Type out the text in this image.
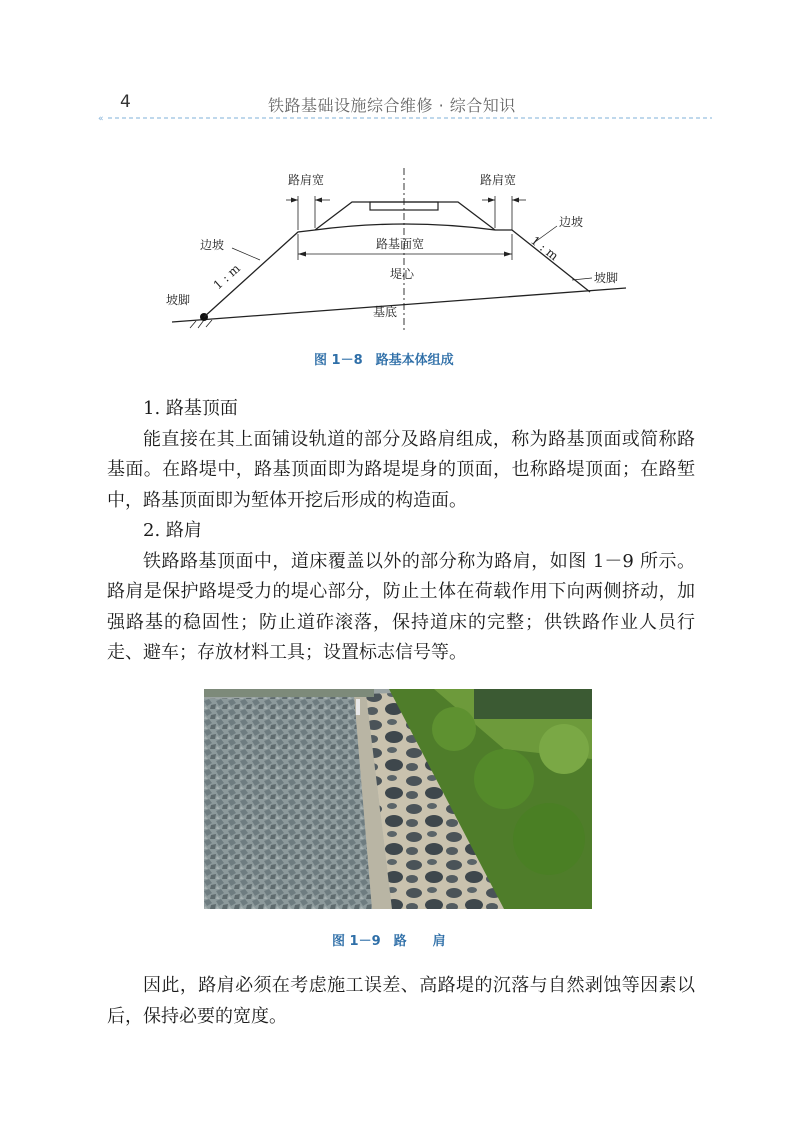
4	铁路基础设施综合维修 · 综合知识
«
路肩宽	路肩宽
边坡
边坡
1 : m
1 : m
路基面宽
堤心
坡脚
坡脚
基底
图 1－8　路基本体组成

1. 路基顶面

能直接在其上面铺设轨道的部分及路肩组成，称为路基顶面或简称路基面。在路堤中，路基顶面即为路堤堤身的顶面，也称路堤顶面；在路堑中，路基顶面即为堑体开挖后形成的构造面。

2. 路肩

铁路路基顶面中，道床覆盖以外的部分称为路肩，如图 1－9 所示。路肩是保护路堤受力的堤心部分，防止土体在荷载作用下向两侧挤动，加强路基的稳固性；防止道砟滚落，保持道床的完整；供铁路作业人员行走、避车；存放材料工具；设置标志信号等。

图 1－9　路　　肩

因此，路肩必须在考虑施工误差、高路堤的沉落与自然剥蚀等因素以后，保持必要的宽度。
